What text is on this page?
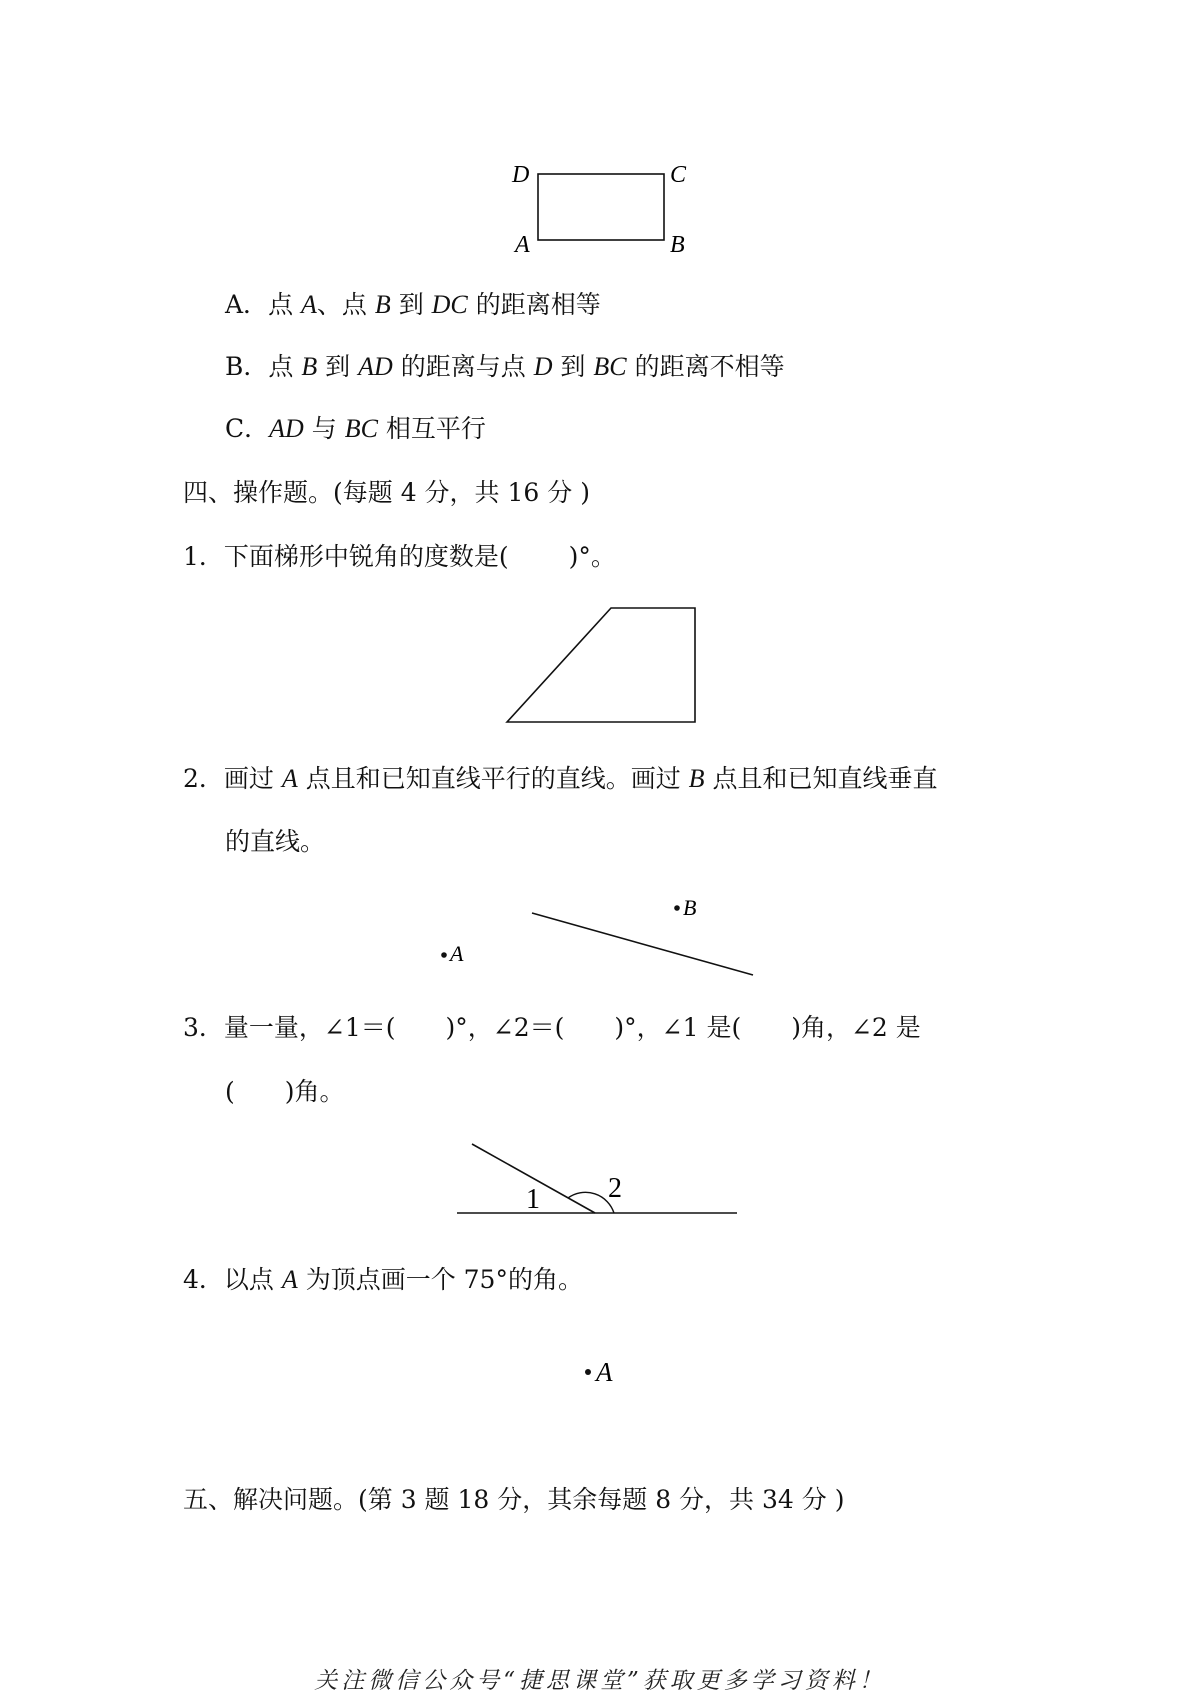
D	C
A	B
A
B
1 2
A
A．点 A、点 B 到 DC 的距离相等
B．点 B 到 AD 的距离与点 D 到 BC 的距离不相等
C．AD 与 BC 相互平行
四、操作题。(每题 4 分，共 16 分 )
1．下面梯形中锐角的度数是( )°。
2．画过 A 点且和已知直线平行的直线。画过 B 点且和已知直线垂直
的直线。
3．量一量，∠1＝( )°，∠2＝( )°，∠1 是( )角，∠2 是
( )角。
4．以点 A 为顶点画一个 75°的角。
五、解决问题。(第 3 题 18 分，其余每题 8 分，共 34 分 )
关注微信公众号“捷思课堂”获取更多学习资料！
